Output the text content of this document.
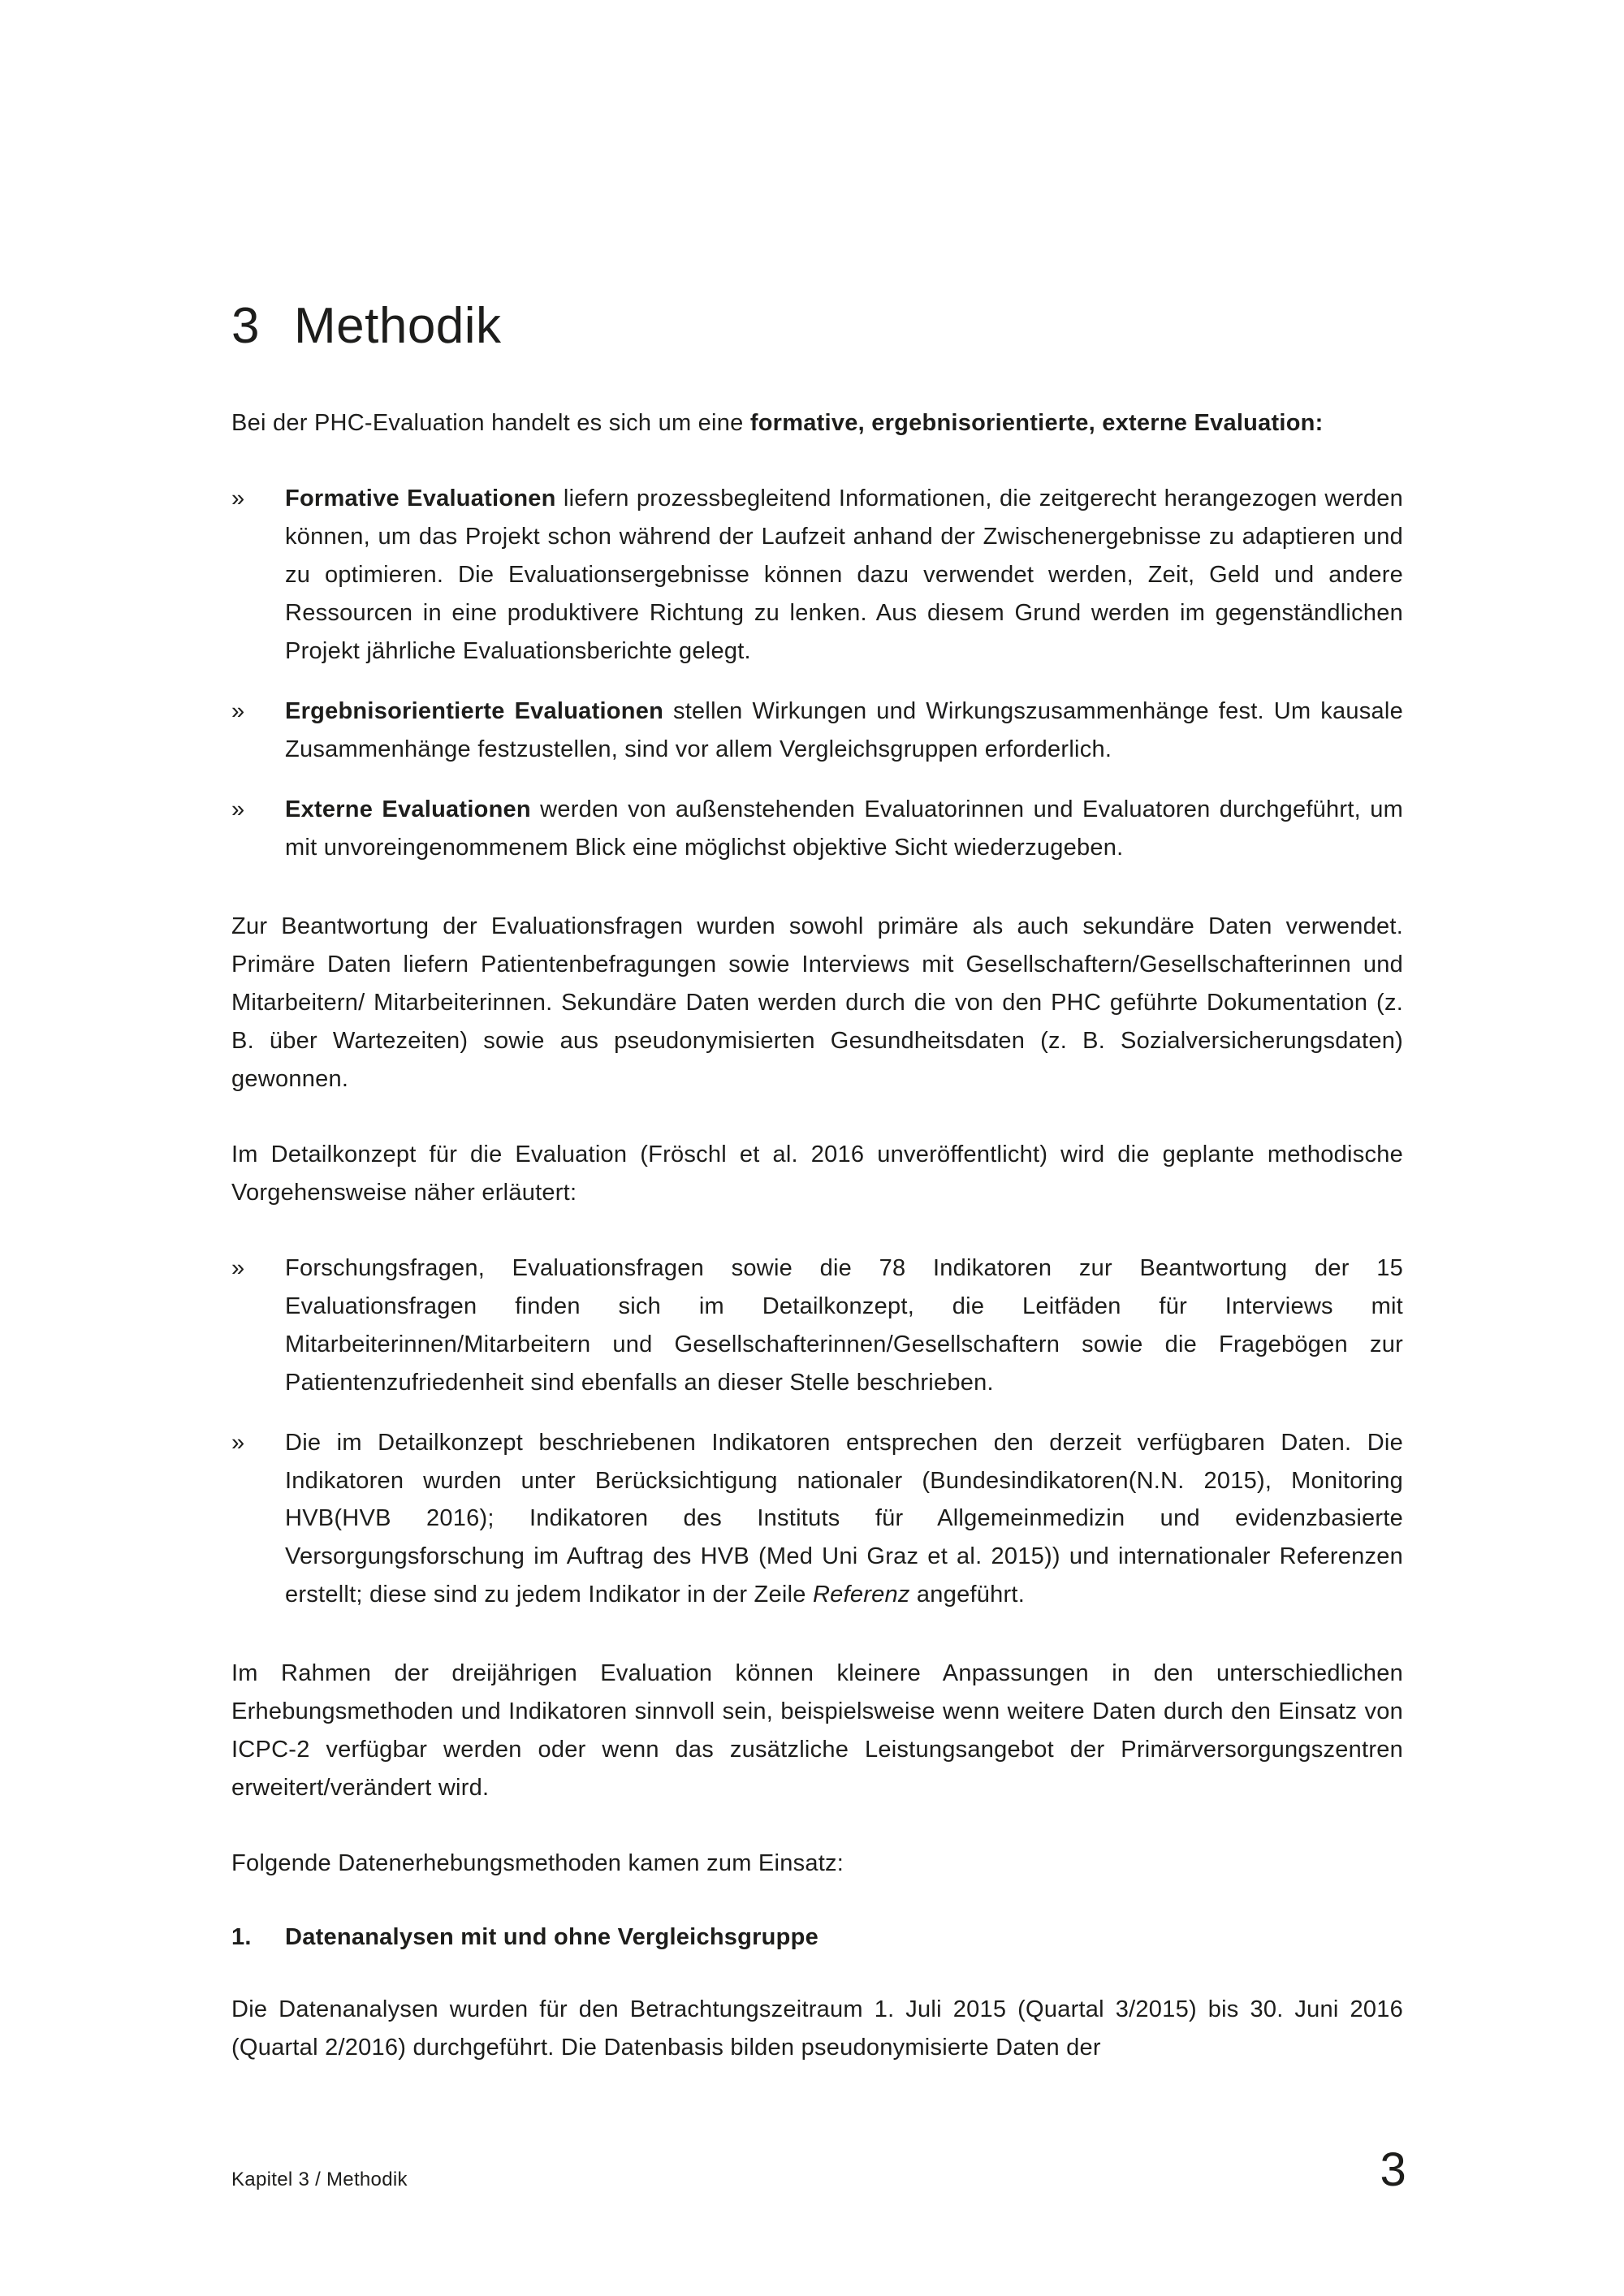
3 Methodik

Bei der PHC-Evaluation handelt es sich um eine formative, ergebnisorientierte, externe Evaluation:

»	Formative Evaluationen liefern prozessbegleitend Informationen, die zeitgerecht herangezogen werden können, um das Projekt schon während der Laufzeit anhand der Zwischenergebnisse zu adaptieren und zu optimieren. Die Evaluationsergebnisse können dazu verwendet werden, Zeit, Geld und andere Ressourcen in eine produktivere Richtung zu lenken. Aus diesem Grund werden im gegenständlichen Projekt jährliche Evaluationsberichte gelegt.

»	Ergebnisorientierte Evaluationen stellen Wirkungen und Wirkungszusammenhänge fest. Um kausale Zusammenhänge festzustellen, sind vor allem Vergleichsgruppen erforderlich.

»	Externe Evaluationen werden von außenstehenden Evaluatorinnen und Evaluatoren durchgeführt, um mit unvoreingenommenem Blick eine möglichst objektive Sicht wiederzugeben.

Zur Beantwortung der Evaluationsfragen wurden sowohl primäre als auch sekundäre Daten verwendet. Primäre Daten liefern Patientenbefragungen sowie Interviews mit Gesellschaftern/Gesellschafterinnen und Mitarbeitern/ Mitarbeiterinnen. Sekundäre Daten werden durch die von den PHC geführte Dokumentation (z. B. über Wartezeiten) sowie aus pseudonymisierten Gesundheitsdaten (z. B. Sozialversicherungsdaten) gewonnen.

Im Detailkonzept für die Evaluation (Fröschl et al. 2016 unveröffentlicht) wird die geplante methodische Vorgehensweise näher erläutert:

»	Forschungsfragen, Evaluationsfragen sowie die 78 Indikatoren zur Beantwortung der 15 Evaluationsfragen finden sich im Detailkonzept, die Leitfäden für Interviews mit Mitarbeiterinnen/Mitarbeitern und Gesellschafterinnen/Gesellschaftern sowie die Fragebögen zur Patientenzufriedenheit sind ebenfalls an dieser Stelle beschrieben.

»	Die im Detailkonzept beschriebenen Indikatoren entsprechen den derzeit verfügbaren Daten. Die Indikatoren wurden unter Berücksichtigung nationaler (Bundesindikatoren(N.N. 2015), Monitoring HVB(HVB 2016); Indikatoren des Instituts für Allgemeinmedizin und evidenzbasierte Versorgungsforschung im Auftrag des HVB (Med Uni Graz et al. 2015)) und internationaler Referenzen erstellt; diese sind zu jedem Indikator in der Zeile Referenz angeführt.

Im Rahmen der dreijährigen Evaluation können kleinere Anpassungen in den unterschiedlichen Erhebungsmethoden und Indikatoren sinnvoll sein, beispielsweise wenn weitere Daten durch den Einsatz von ICPC-2 verfügbar werden oder wenn das zusätzliche Leistungsangebot der Primärversorgungszentren erweitert/verändert wird.

Folgende Datenerhebungsmethoden kamen zum Einsatz:

1.	Datenanalysen mit und ohne Vergleichsgruppe

Die Datenanalysen wurden für den Betrachtungszeitraum 1. Juli 2015 (Quartal 3/2015) bis 30. Juni 2016 (Quartal 2/2016) durchgeführt. Die Datenbasis bilden pseudonymisierte Daten der

Kapitel 3 / Methodik	3
